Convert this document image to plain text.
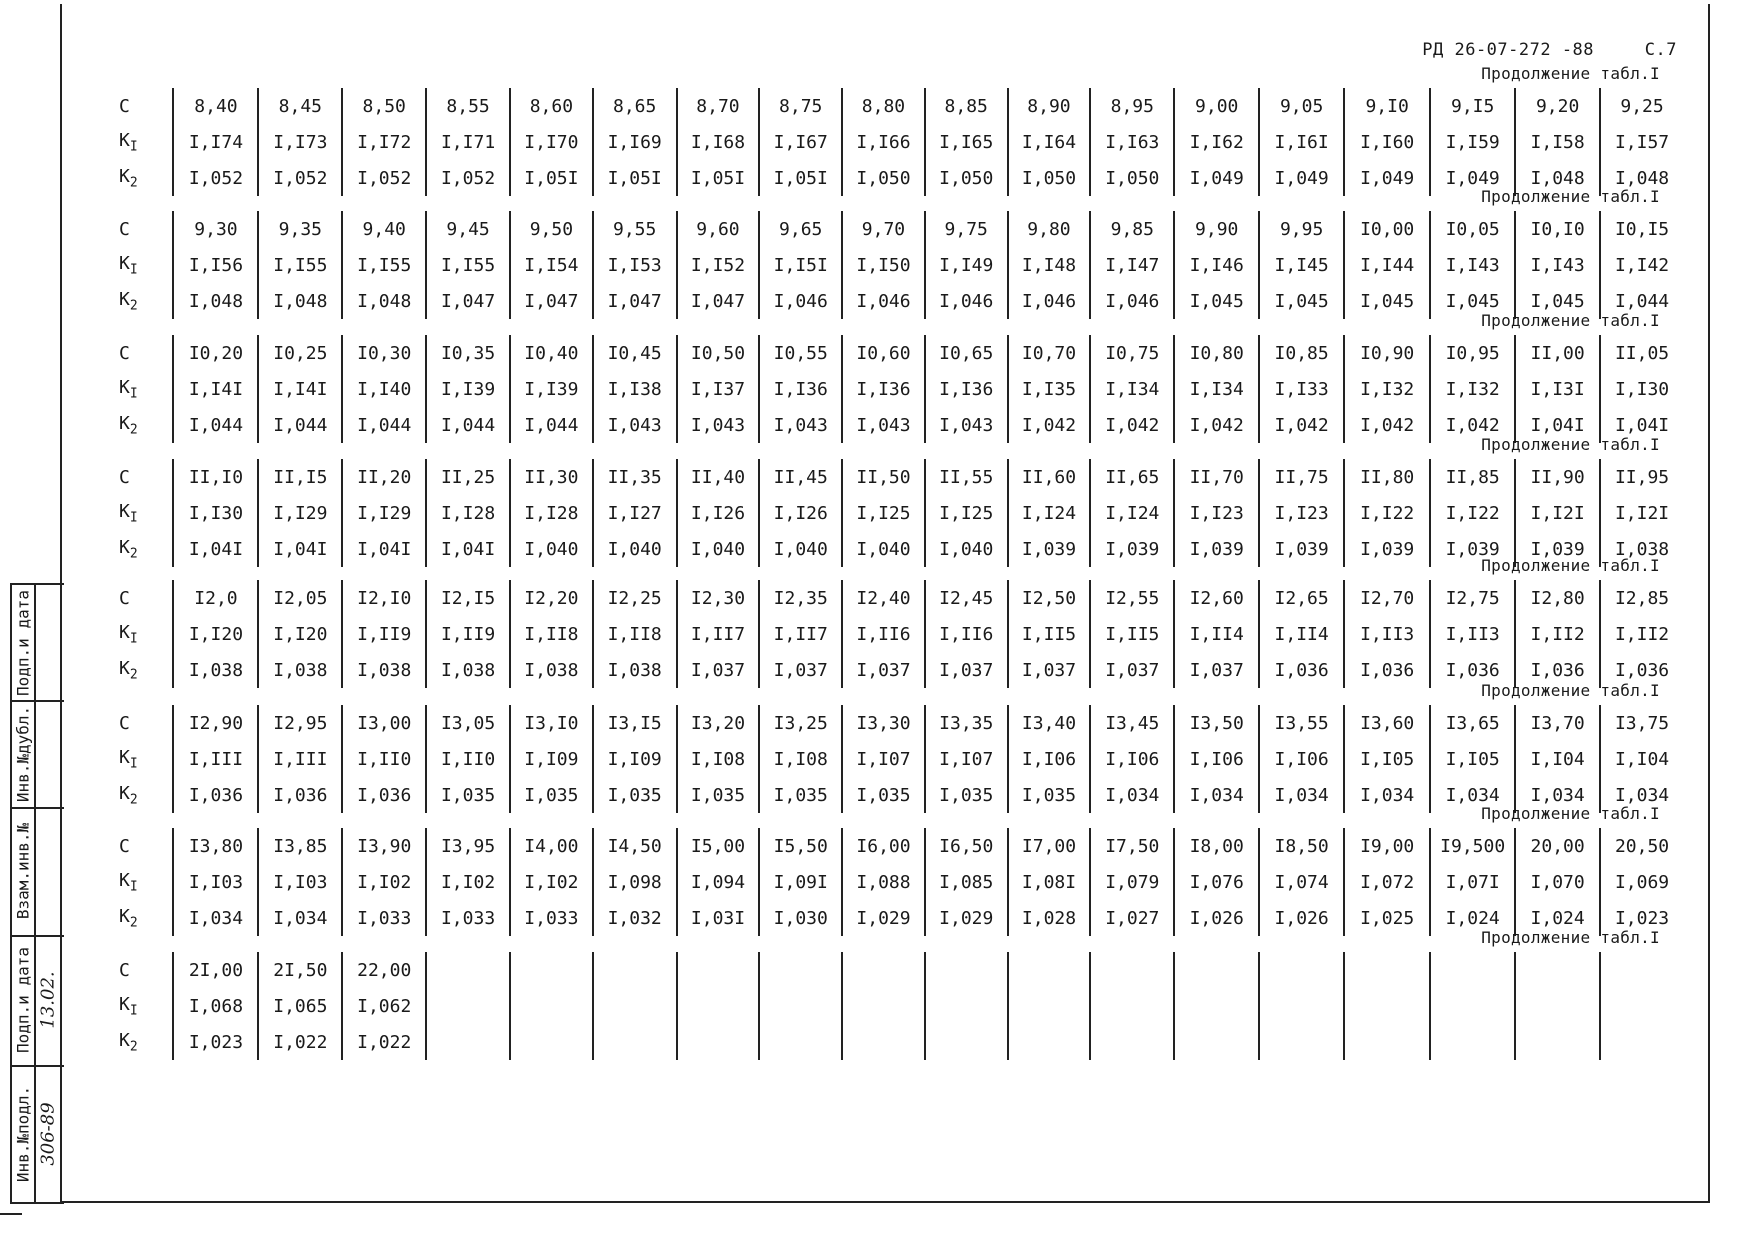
РД 26-07-272 -88	С.7
Продолжение табл.I
С	8,40	8,45	8,50	8,55	8,60	8,65	8,70	8,75	8,80	8,85	8,90	8,95	9,00	9,05	9,I0	9,I5	9,20	9,25
$К_I$	I,I74	I,I73	I,I72	I,I71	I,I70	I,I69	I,I68	I,I67	I,I66	I,I65	I,I64	I,I63	I,I62	I,I6I	I,I60	I,I59	I,I58	I,I57
$К_2$	I,052	I,052	I,052	I,052	I,05I	I,05I	I,05I	I,05I	I,050	I,050	I,050	I,050	I,049	I,049	I,049	I,049	I,048	I,048
Продолжение табл.I
С	9,30	9,35	9,40	9,45	9,50	9,55	9,60	9,65	9,70	9,75	9,80	9,85	9,90	9,95	I0,00	I0,05	I0,I0	I0,I5
$К_I$	I,I56	I,I55	I,I55	I,I55	I,I54	I,I53	I,I52	I,I5I	I,I50	I,I49	I,I48	I,I47	I,I46	I,I45	I,I44	I,I43	I,I43	I,I42
$К_2$	I,048	I,048	I,048	I,047	I,047	I,047	I,047	I,046	I,046	I,046	I,046	I,046	I,045	I,045	I,045	I,045	I,045	I,044
Продолжение табл.I
С	I0,20	I0,25	I0,30	I0,35	I0,40	I0,45	I0,50	I0,55	I0,60	I0,65	I0,70	I0,75	I0,80	I0,85	I0,90	I0,95	II,00	II,05
$К_I$	I,I4I	I,I4I	I,I40	I,I39	I,I39	I,I38	I,I37	I,I36	I,I36	I,I36	I,I35	I,I34	I,I34	I,I33	I,I32	I,I32	I,I3I	I,I30
$К_2$	I,044	I,044	I,044	I,044	I,044	I,043	I,043	I,043	I,043	I,043	I,042	I,042	I,042	I,042	I,042	I,042	I,04I	I,04I
Продолжение табл.I
С	II,I0	II,I5	II,20	II,25	II,30	II,35	II,40	II,45	II,50	II,55	II,60	II,65	II,70	II,75	II,80	II,85	II,90	II,95
$К_I$	I,I30	I,I29	I,I29	I,I28	I,I28	I,I27	I,I26	I,I26	I,I25	I,I25	I,I24	I,I24	I,I23	I,I23	I,I22	I,I22	I,I2I	I,I2I
$К_2$	I,04I	I,04I	I,04I	I,04I	I,040	I,040	I,040	I,040	I,040	I,040	I,039	I,039	I,039	I,039	I,039	I,039	I,039	I,038
Продолжение табл.I
С	I2,0	I2,05	I2,I0	I2,I5	I2,20	I2,25	I2,30	I2,35	I2,40	I2,45	I2,50	I2,55	I2,60	I2,65	I2,70	I2,75	I2,80	I2,85
$К_I$	I,I20	I,I20	I,II9	I,II9	I,II8	I,II8	I,II7	I,II7	I,II6	I,II6	I,II5	I,II5	I,II4	I,II4	I,II3	I,II3	I,II2	I,II2
$К_2$	I,038	I,038	I,038	I,038	I,038	I,038	I,037	I,037	I,037	I,037	I,037	I,037	I,037	I,036	I,036	I,036	I,036	I,036
Продолжение табл.I
С	I2,90	I2,95	I3,00	I3,05	I3,I0	I3,I5	I3,20	I3,25	I3,30	I3,35	I3,40	I3,45	I3,50	I3,55	I3,60	I3,65	I3,70	I3,75
$К_I$	I,III	I,III	I,II0	I,II0	I,I09	I,I09	I,I08	I,I08	I,I07	I,I07	I,I06	I,I06	I,I06	I,I06	I,I05	I,I05	I,I04	I,I04
$К_2$	I,036	I,036	I,036	I,035	I,035	I,035	I,035	I,035	I,035	I,035	I,035	I,034	I,034	I,034	I,034	I,034	I,034	I,034
Продолжение табл.I
С	I3,80	I3,85	I3,90	I3,95	I4,00	I4,50	I5,00	I5,50	I6,00	I6,50	I7,00	I7,50	I8,00	I8,50	I9,00	I9,500	20,00	20,50
$К_I$	I,I03	I,I03	I,I02	I,I02	I,I02	I,098	I,094	I,09I	I,088	I,085	I,08I	I,079	I,076	I,074	I,072	I,07I	I,070	I,069
$К_2$	I,034	I,034	I,033	I,033	I,033	I,032	I,03I	I,030	I,029	I,029	I,028	I,027	I,026	I,026	I,025	I,024	I,024	I,023
Продолжение табл.I
С	2I,00	2I,50	22,00															
$К_I$	I,068	I,065	I,062															
$К_2$	I,023	I,022	I,022															
Подп.и дата
Инв.№дубл.
Взам.инв.№
Подп.и дата 13.02.
Инв.№подл. 306-89
